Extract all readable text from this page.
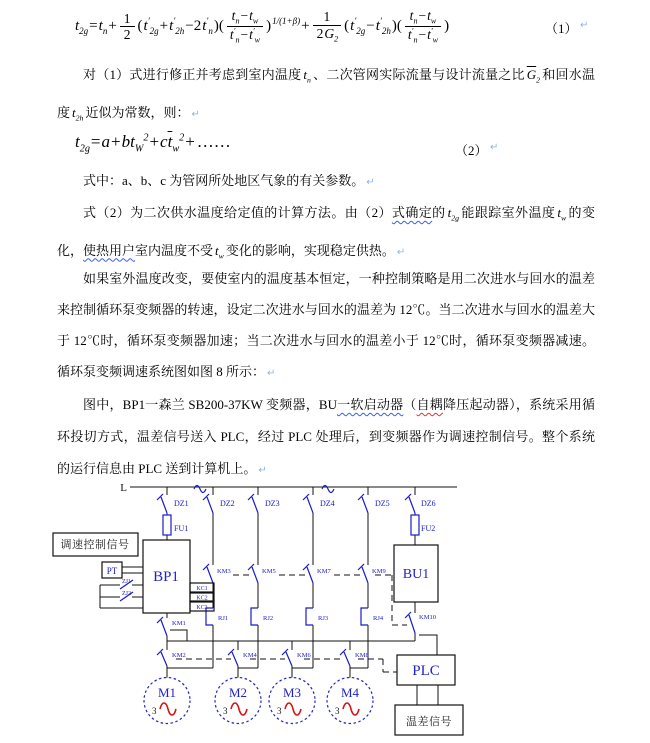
$t_{2g}=t_n+ \frac{1}{2} (t'_{2g}+t'_{2h}-2t'_n)( \frac{t_n-t_w}{t'_n-t'_w} )^{1/(1+\beta)}+ \frac{1}{2\overline{G}_2} (t'_{2g}-t'_{2h})( \frac{t_n-t_w}{t'_n-t'_w}$ )	（1） ↵

对（1）式进行修正并考虑到室内温度 $t_n$ 、二次管网实际流量与设计流量之比 $\overline{G}_2$ 和回水温度 $t_{2h}$ 近似为常数，则： ↵

$t_{2g}=a+bt_W^2+c\overline{t}_w^2+$ ……	（2） ↵

式中：a、b、c 为管网所处地区气象的有关参数。 ↵

式（2）为二次供水温度给定值的计算方法。由（2）式确定的 $t_{2g}$ 能跟踪室外温度 $t_w$ 的变化，使热用户室内温度不受 $t_w$ 变化的影响，实现稳定供热。 ↵

如果室外温度改变，要使室内的温度基本恒定，一种控制策略是用二次进水与回水的温差来控制循环泵变频器的转速，设定二次进水与回水的温差为 12℃。当二次进水与回水的温差大于 12℃时，循环泵变频器加速；当二次进水与回水的温差小于 12℃时，循环泵变频器减速。循环泵变频调速系统图如图 8 所示： ↵

图中，BP1一森兰 SB200-37KW 变频器，BU一软启动器（自耦降压起动器），系统采用循环投切方式，温差信号送入 PLC，经过 PLC 处理后，到变频器作为调速控制信号。整个系统的运行信息由 PLC 送到计算机上。 ↵

M1
3
M2
3
M3
3
M4
3
L
DZ1	DZ2	DZ3	DZ4	DZ5	DZ6
FU1	FU2
调速控制信号
PT
ZJ1
ZJ2
BP1
KC1
KC2
KC3
KM3	KM5	KM7	KM9
RJ1	RJ2	RJ3	RJ4
KM1
KM10
KM2	KM4	KM6	KM8
BU1
PLC
温差信号
